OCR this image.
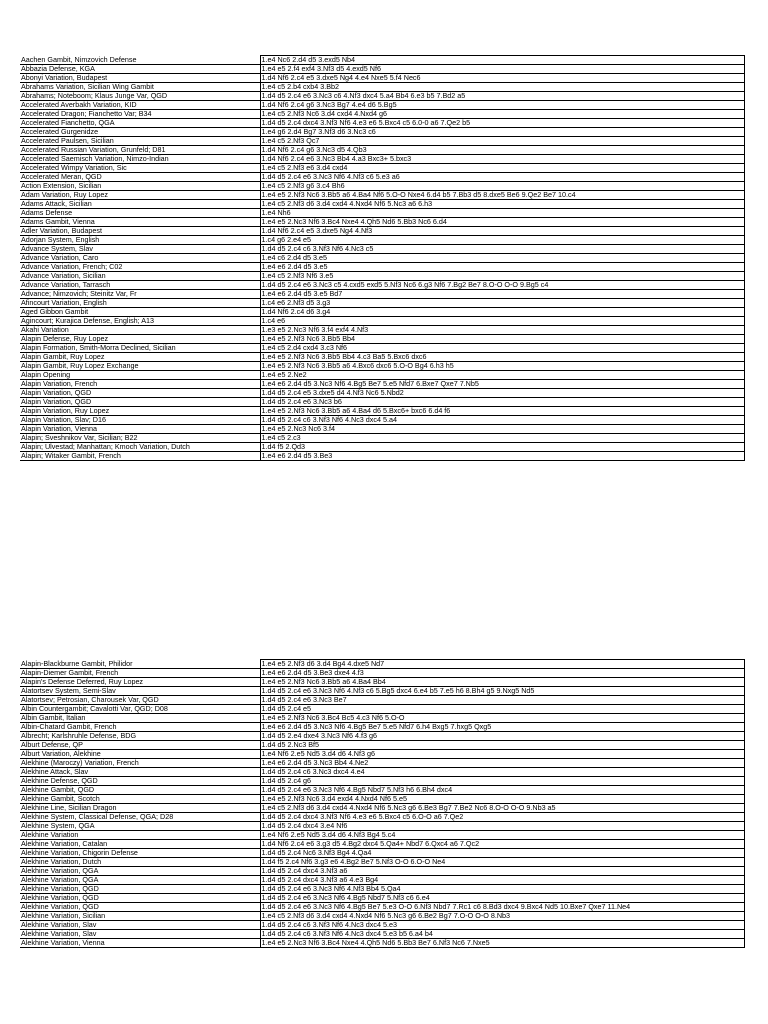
Aachen Gambit, Nimzovich Defense	1.e4 Nc6 2.d4 d5 3.exd5 Nb4
Abbazia Defense, KGA	1.e4 e5 2.f4 exf4 3.Nf3 d5 4.exd5 Nf6
Abonyi Variation, Budapest	1.d4 Nf6 2.c4 e5 3.dxe5 Ng4 4.e4 Nxe5 5.f4 Nec6
Abrahams Variation, Sicilian Wing Gambit	1.e4 c5 2.b4 cxb4 3.Bb2
Abrahams; Noteboom; Klaus Junge Var, QGD	1.d4 d5 2.c4 e6 3.Nc3 c6 4.Nf3 dxc4 5.a4 Bb4 6.e3 b5 7.Bd2 a5
Accelerated Averbakh Variation, KID	1.d4 Nf6 2.c4 g6 3.Nc3 Bg7 4.e4 d6 5.Bg5
Accelerated Dragon; Fianchetto Var; B34	1.e4 c5 2.Nf3 Nc6 3.d4 cxd4 4.Nxd4 g6
Accelerated Fianchetto, QGA	1.d4 d5 2.c4 dxc4 3.Nf3 Nf6 4.e3 e6 5.Bxc4 c5 6.0-0 a6 7.Qe2 b5
Accelerated Gurgenidze	1.e4 g6 2.d4 Bg7 3.Nf3 d6 3.Nc3 c6
Accelerated Paulsen, Sicilian	1.e4 c5 2.Nf3 Qc7
Accelerated Russian Variation, Grunfeld; D81	1.d4 Nf6 2.c4 g6 3.Nc3 d5 4.Qb3
Accelerated Saemisch Variation, Nimzo-Indian	1.d4 Nf6 2.c4 e6 3.Nc3 Bb4 4.a3 Bxc3+ 5.bxc3
Accelerated Wimpy Variation, Sic	1.e4 c5 2.Nf3 e6 3.d4 cxd4
Accelerated Meran, QGD	1.d4 d5 2.c4 e6 3.Nc3 Nf6 4.Nf3 c6 5.e3 a6
Action Extension, Sicilian	1.e4 c5 2.Nf3 g6 3.c4 Bh6
Adam Variation, Ruy Lopez	1.e4 e5 2.Nf3 Nc6 3.Bb5 a6 4.Ba4 Nf6 5.O-O Nxe4 6.d4 b5 7.Bb3 d5 8.dxe5 Be6 9.Qe2 Be7 10.c4
Adams Attack, Sicilian	1.e4 c5 2.Nf3 d6 3.d4 cxd4 4.Nxd4 Nf6 5.Nc3 a6 6.h3
Adams Defense	1.e4 Nh6
Adams Gambit, Vienna	1.e4 e5 2.Nc3 Nf6 3.Bc4 Nxe4 4.Qh5 Nd6 5.Bb3 Nc6 6.d4
Adler Variation, Budapest	1.d4 Nf6 2.c4 e5 3.dxe5 Ng4 4.Nf3
Adorjan System, English	1.c4 g6 2.e4 e5
Advance System, Slav	1.d4 d5 2.c4 c6 3.Nf3 Nf6 4.Nc3 c5
Advance Variation, Caro	1.e4 c6 2.d4 d5 3.e5
Advance Variation, French; C02	1.e4 e6 2.d4 d5 3.e5
Advance Variation, Sicilian	1.e4 c5 2.Nf3 Nf6 3.e5
Advance Variation, Tarrasch	1.d4 d5 2.c4 e6 3.Nc3 c5 4.cxd5 exd5 5.Nf3 Nc6 6.g3 Nf6 7.Bg2 Be7 8.O-O O-O 9.Bg5 c4
Advance; Nimzovich; Steinitz Var, Fr	1.e4 e6 2.d4 d5 3.e5 Bd7
Afincourt Variation, English	1.c4 e6 2.Nf3 d5 3.g3
Aged Gibbon Gambit	1.d4 Nf6 2.c4 d6 3.g4
Agincourt; Kurajica Defense, English; A13	1.c4 e6
Akahi Variation	1.e3 e5 2.Nc3 Nf6 3.f4 exf4 4.Nf3
Alapin Defense, Ruy Lopez	1.e4 e5 2.Nf3 Nc6 3.Bb5 Bb4
Alapin Formation, Smith-Morra Declined, Sicilian	1.e4 c5 2.d4 cxd4 3.c3 Nf6
Alapin Gambit, Ruy Lopez	1.e4 e5 2.Nf3 Nc6 3.Bb5 Bb4 4.c3 Ba5 5.Bxc6 dxc6
Alapin Gambit, Ruy Lopez Exchange	1.e4 e5 2.Nf3 Nc6 3.Bb5 a6 4.Bxc6 dxc6 5.O-O Bg4 6.h3 h5
Alapin Opening	1.e4 e5 2.Ne2
Alapin Variation, French	1.e4 e6 2.d4 d5 3.Nc3 Nf6 4.Bg5 Be7 5.e5 Nfd7 6.Bxe7 Qxe7 7.Nb5
Alapin Variation, QGD	1.d4 d5 2.c4 e5 3.dxe5 d4 4.Nf3 Nc6 5.Nbd2
Alapin Variation, QGD	1.d4 d5 2.c4 e6 3.Nc3 b6
Alapin Variation, Ruy Lopez	1.e4 e5 2.Nf3 Nc6 3.Bb5 a6 4.Ba4 d6 5.Bxc6+ bxc6 6.d4 f6
Alapin Variation, Slav; D16	1.d4 d5 2.c4 c6 3.Nf3 Nf6 4.Nc3 dxc4 5.a4
Alapin Variation, Vienna	1.e4 e5 2.Nc3 Nc6 3.f4
Alapin; Sveshnikov Var, Sicilian; B22	1.e4 c5 2.c3
Alapin; Ulvestad; Manhattan; Kmoch Variation, Dutch	1.d4 f5 2.Qd3
Alapin; Witaker Gambit, French	1.e4 e6 2.d4 d5 3.Be3
Alapin-Blackburne Gambit, Philidor	1.e4 e5 2.Nf3 d6 3.d4 Bg4 4.dxe5 Nd7
Alapin-Diemer Gambit, French	1.e4 e6 2.d4 d5 3.Be3 dxe4 4.f3
Alapin's Defense Deferred, Ruy Lopez	1.e4 e5 2.Nf3 Nc6 3.Bb5 a6 4.Ba4 Bb4
Alatortsev System, Semi-Slav	1.d4 d5 2.c4 e6 3.Nc3 Nf6 4.Nf3 c6 5.Bg5 dxc4 6.e4 b5 7.e5 h6 8.Bh4 g5 9.Nxg5 Nd5
Alatortsev; Petrosian, Charousek Var, QGD	1.d4 d5 2.c4 e6 3.Nc3 Be7
Albin Countergambit; Cavalotti Var, QGD; D08	1.d4 d5 2.c4 e5
Albin Gambit, Italian	1.e4 e5 2.Nf3 Nc6 3.Bc4 Bc5 4.c3 Nf6 5.O-O
Albin-Chatard Gambit, French	1.e4 e6 2.d4 d5 3.Nc3 Nf6 4.Bg5 Be7 5.e5 Nfd7 6.h4 Bxg5 7.hxg5 Qxg5
Albrecht; Karlshruhle Defense, BDG	1.d4 d5 2.e4 dxe4 3.Nc3 Nf6 4.f3 g6
Alburt Defense, QP	1.d4 d5 2.Nc3 Bf5
Alburt Variation, Alekhine	1.e4 Nf6 2.e5 Nd5 3.d4 d6 4.Nf3 g6
Alekhine (Maroczy) Variation, French	1.e4 e6 2.d4 d5 3.Nc3 Bb4 4.Ne2
Alekhine Attack, Slav	1.d4 d5 2.c4 c6 3.Nc3 dxc4 4.e4
Alekhine Defense, QGD	1.d4 d5 2.c4 g6
Alekhine Gambit, QGD	1.d4 d5 2.c4 e6 3.Nc3 Nf6 4.Bg5 Nbd7 5.Nf3 h6 6.Bh4 dxc4
Alekhine Gambit, Scotch	1.e4 e5 2.Nf3 Nc6 3.d4 exd4 4.Nxd4 Nf6 5.e5
Alekhine Line, Sicilian Dragon	1.e4 c5 2.Nf3 d6 3.d4 cxd4 4.Nxd4 Nf6 5.Nc3 g6 6.Be3 Bg7 7.Be2 Nc6 8.O-O O-O 9.Nb3 a5
Alekhine System, Classical Defense, QGA; D28	1.d4 d5 2.c4 dxc4 3.Nf3 Nf6 4.e3 e6 5.Bxc4 c5 6.O-O a6 7.Qe2
Alekhine System, QGA	1.d4 d5 2.c4 dxc4 3.e4 Nf6
Alekhine Variation	1.e4 Nf6 2.e5 Nd5 3.d4 d6 4.Nf3 Bg4 5.c4
Alekhine Variation, Catalan	1.d4 Nf6 2.c4 e6 3.g3 d5 4.Bg2 dxc4 5.Qa4+ Nbd7 6.Qxc4 a6 7.Qc2
Alekhine Variation, Chigorin Defense	1.d4 d5 2.c4 Nc6 3.Nf3 Bg4 4.Qa4
Alekhine Variation, Dutch	1.d4 f5 2.c4 Nf6 3.g3 e6 4.Bg2 Be7 5.Nf3 O-O 6.O-O Ne4
Alekhine Variation, QGA	1.d4 d5 2.c4 dxc4 3.Nf3 a6
Alekhine Variation, QGA	1.d4 d5 2.c4 dxc4 3.Nf3 a6 4.e3 Bg4
Alekhine Variation, QGD	1.d4 d5 2.c4 e6 3.Nc3 Nf6 4.Nf3 Bb4 5.Qa4
Alekhine Variation, QGD	1.d4 d5 2.c4 e6 3.Nc3 Nf6 4.Bg5 Nbd7 5.Nf3 c6 6.e4
Alekhine Variation, QGD	1.d4 d5 2.c4 e6 3.Nc3 Nf6 4.Bg5 Be7 5.e3 O-O 6.Nf3 Nbd7 7.Rc1 c6 8.Bd3 dxc4 9.Bxc4 Nd5 10.Bxe7 Qxe7 11.Ne4
Alekhine Variation, Sicilian	1.e4 c5 2.Nf3 d6 3.d4 cxd4 4.Nxd4 Nf6 5.Nc3 g6 6.Be2 Bg7 7.O-O O-O 8.Nb3
Alekhine Variation, Slav	1.d4 d5 2.c4 c6 3.Nf3 Nf6 4.Nc3 dxc4 5.e3
Alekhine Variation, Slav	1.d4 d5 2.c4 c6 3.Nf3 Nf6 4.Nc3 dxc4 5.e3 b5 6.a4 b4
Alekhine Variation, Vienna	1.e4 e5 2.Nc3 Nf6 3.Bc4 Nxe4 4.Qh5 Nd6 5.Bb3 Be7 6.Nf3 Nc6 7.Nxe5
